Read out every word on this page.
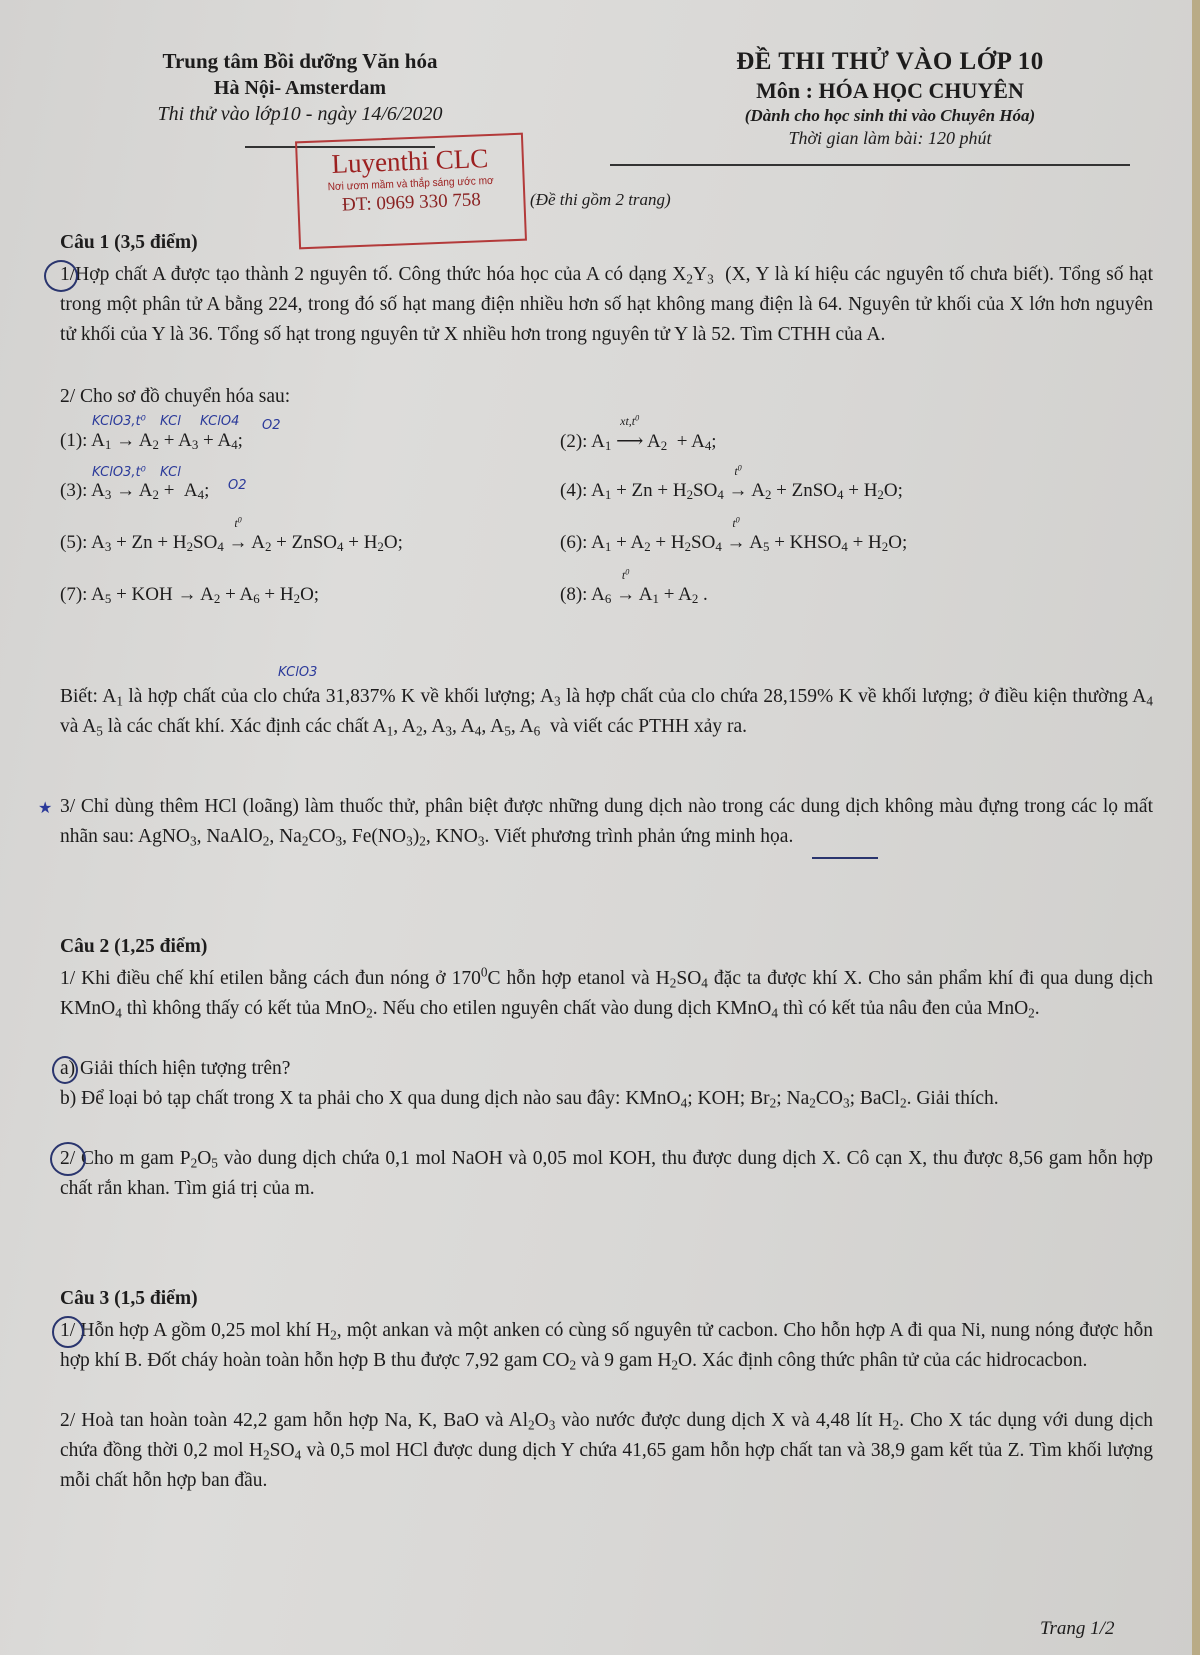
Trung tâm Bồi dưỡng Văn hóa
Hà Nội- Amsterdam
Thi thử vào lớp10 - ngày 14/6/2020
ĐỀ THI THỬ VÀO LỚP 10
Môn : HÓA HỌC CHUYÊN
(Dành cho học sinh thi vào Chuyên Hóa)
Thời gian làm bài: 120 phút
Luyenthi CLC
Nơi ươm mầm và thắp sáng ước mơ
ĐT: 0969 330 758	(Đề thi gồm 2 trang)
Câu 1 (3,5 điểm)
1/Hợp chất A được tạo thành 2 nguyên tố. Công thức hóa học của A có dạng $X_2Y_3$ (X, Y là kí hiệu các nguyên tố chưa biết). Tổng số hạt trong một phân tử A bằng 224, trong đó số hạt mang điện nhiều hơn số hạt không mang điện là 64. Nguyên tử khối của X lớn hơn nguyên tử khối của Y là 36. Tổng số hạt trong nguyên tử X nhiều hơn trong nguyên tử Y là 52. Tìm CTHH của A.
2/ Cho sơ đồ chuyển hóa sau:
(1): $A_1 \to A_2 + A_3 + A_4$;
(3): $A_3 \to A_2 + A_4$;
(5): $A_3 + Zn + H_2SO_4$ →
$t^0$
$A_2$ + ZnSO$_4$ + $H_2O$;
(7): $A_5$ + KOH → $A_2 + A_6 + H_2O$;
(2): $A_1$ ⟶
$xt,t^0$
$A_2 + A_4$;
(4): $A_1 + Zn + H_2SO_4$ →
$t^0$
$A_2$ + ZnSO$_4$ + $H_2O$;
(6): $A_1 + A_2 + H_2SO_4$ →
$t^0$
$A_5$ + $KHSO_4 + H_2O$;
(8): $A_6$ →
$t^0$
$A_1 + A_2$ .
KClO3,t⁰ KCl KClO4 O2
KClO3,t⁰ KCl
O2
KClO3
Biết: $A_1$ là hợp chất của clo chứa 31,837% K về khối lượng; $A_3$ là hợp chất của clo chứa 28,159% K về khối lượng; ở điều kiện thường $A_4$ và $A_5$ là các chất khí. Xác định các chất $A_1$, $A_2$, $A_3$, $A_4$, $A_5$, $A_6$  và viết các PTHH xảy ra.
★ 3/ Chỉ dùng thêm HCl (loãng) làm thuốc thử, phân biệt được những dung dịch nào trong các dung dịch không màu đựng trong các lọ mất nhãn sau: AgNO$_3$, NaAlO$_2$, $Na_2CO_3$, $Fe(NO_3)_2$, $KNO_3$. Viết phương trình phản ứng minh họa.
Câu 2 (1,25 điểm)
1/ Khi điều chế khí etilen bằng cách đun nóng ở $170^0C$ hỗn hợp etanol và $H_2SO_4$ đặc ta được khí X. Cho sản phẩm khí đi qua dung dịch KMnO$_4$ thì không thấy có kết tủa MnO$_2$. Nếu cho etilen nguyên chất vào dung dịch KMnO$_4$ thì có kết tủa nâu đen của MnO$_2$.
a) Giải thích hiện tượng trên?
b) Để loại bỏ tạp chất trong X ta phải cho X qua dung dịch nào sau đây: KMnO$_4$; KOH; $Br_2$; $Na_2CO_3$; BaCl$_2$. Giải thích.
2/ Cho m gam $P_2O_5$ vào dung dịch chứa 0,1 mol NaOH và 0,05 mol KOH, thu được dung dịch X. Cô cạn X, thu được 8,56 gam hỗn hợp chất rắn khan. Tìm giá trị của m.
Câu 3 (1,5 điểm)
1/ Hỗn hợp A gồm 0,25 mol khí $H_2$, một ankan và một anken có cùng số nguyên tử cacbon. Cho hỗn hợp A đi qua Ni, nung nóng được hỗn hợp khí B. Đốt cháy hoàn toàn hỗn hợp B thu được 7,92 gam $CO_2$ và 9 gam $H_2O$. Xác định công thức phân tử của các hidrocacbon.
2/ Hoà tan hoàn toàn 42,2 gam hỗn hợp Na, K, BaO và $Al_2O_3$ vào nước được dung dịch X và 4,48 lít $H_2$. Cho X tác dụng với dung dịch chứa đồng thời 0,2 mol $H_2SO_4$ và 0,5 mol HCl được dung dịch Y chứa 41,65 gam hỗn hợp chất tan và 38,9 gam kết tủa Z. Tìm khối lượng mỗi chất hỗn hợp ban đầu.
Trang 1/2
